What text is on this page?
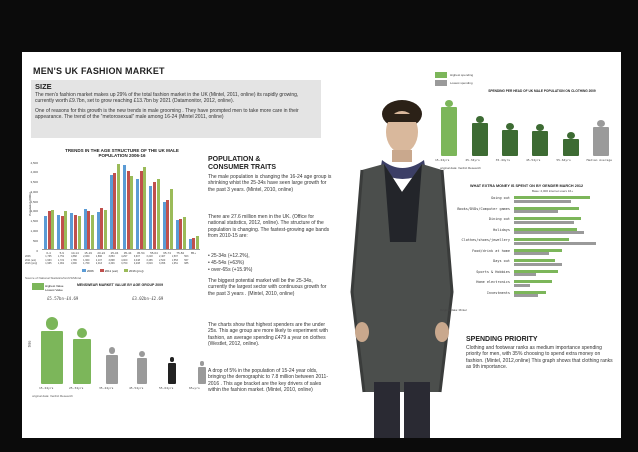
MEN'S UK FASHION MARKET
SIZE
The men’s fashion market makes up 29% of the total fashion market in the UK (Mintel, 2011, online) its rapidly growing, currently worth £9.7bn, set to grow reaching £13.7bn by 2021 (Datamonitor, 2012, online).
One of reasons for this growth is the new trends in male grooming . They have prompted men to take more care in their appearance. The trend of the “metorosexual” male among 16-24 (Mintel 2011, online)
TRENDS IN THE AGE STRUCTURE OF THE UK MALE POPULATION 2006-16
4,500
4,000
3,500
3,000
2,500
2,000
1,500
1,000
500
0
Population (000s)
0-4	5-9	10-14	15-19	20-24	25-34	35-44	45-54	55-64	65-74	75-84	85+
2006	1,765	1,751	1,868	2,060	1,896	3,863	4,297	3,607	3,218	2,407	1,507	503
2011 (est)	1,963	1,721	1,765	1,960	2,107	3,898	4,000	4,048	3,465	2,520	1,553	567
2016 (proj)	1,965	1,961	1,690	1,769	2,013	4,346	3,760	4,208	3,619	3,056	1,651	685
2006	2011 (est)	2016 (proj)
Source of National Statistics/Gn/US/Mintel
Highest Value
Lowest Value
MENSWEAR MARKET VALUE BY AGE GROUP 2009
£5.57bn-£4.69	£3.02bn-£2.69
Size
15-24yrs	25-34yrs	35-44yrs	45-54yrs	55-64yrs	65+yrs
original data: Verdict Research
POPULATION &
CONSUMER TRAITS
The male population is changing the 16-24 age group is shrinking whist the 25-34s have seen large growth for the past 3 years. (Mintel, 2010, online)
There are 27.6 million men in the UK. (Office for national statistics, 2012, online). The structure of the population is changing. The fastest-growing age bands from 2010-15 are:
• 25-34s (+12.2%),
• 45-54s (+63%)
• over-65s (+15.9%)
The biggest potential market will be the 25-34s, currently the largest sector with continuous growth for the past 3 years . (Mintel, 2010, online)
The charts show that highest spenders are the under 25s. This age group are more likely to experiment with fashion, an average spending £479 a year on clothes (Westlet, 2012, online).
A drop of 5% in the population of 15-24 year olds, bringing the demographic to 7.8 million between 2011- 2016 . This age bracket are the key drivers of sales within the fashion market. (Mintel, 2010, online)
Highest spending
Lowest spending
SPENDING PER HEAD OF UK MALE POPULATION ON CLOTHING 2009
15-24yrs	25-34yrs	35-44yrs	45-54yrs	55-64yrs	Median Average
original data: Verdict Research
WHAT EXTRA MONEY IS SPENT ON BY GENDER MARCH 2012
Base: 2,000 internet users 16+
Going out
Books/DVDs/Computer games
Dining out
Holidays
Clothes/shoes/jewellery
Food/drink at home
Days out
Sports & Hobbies
Home electronics
Investments
Original data: Mintel
SPENDING PRIORITY
Clothing and footwear ranks as medium importance spending priority for men, with 35% choosing to spend extra money on fashion. (Mintel, 2012,online) This graph shows that clothing ranks as 9th importance.
